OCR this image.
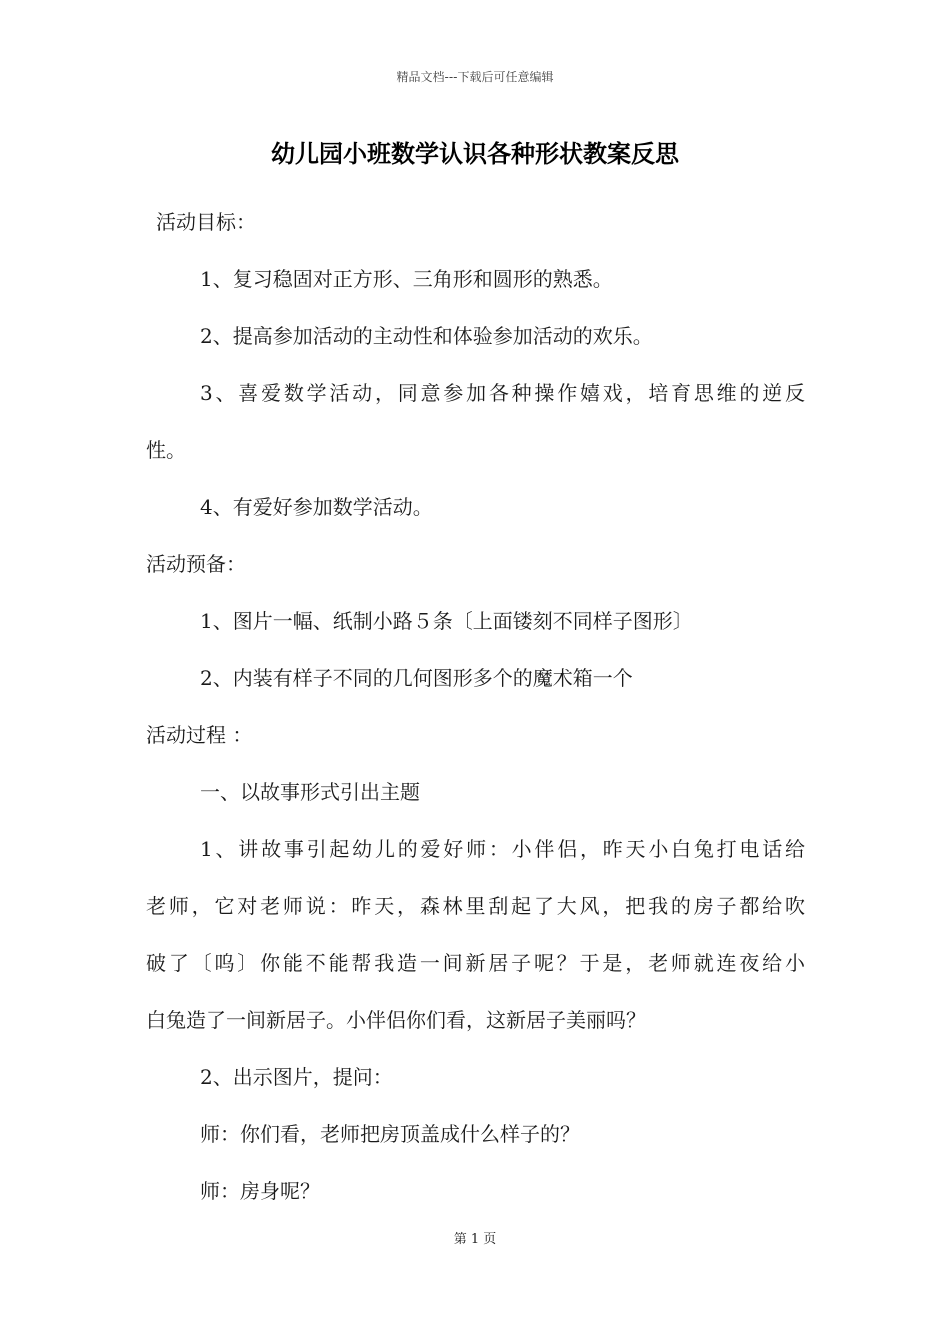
精品文档---下载后可任意编辑
幼儿园小班数学认识各种形状教案反思
活动目标：
1、复习稳固对正方形、三角形和圆形的熟悉。
2、提高参加活动的主动性和体验参加活动的欢乐。
3、喜爱数学活动，同意参加各种操作嬉戏，培育思维的逆反
性。
4、有爱好参加数学活动。
活动预备：
1、图片一幅、纸制小路５条〔上面镂刻不同样子图形〕
2、内装有样子不同的几何图形多个的魔术箱一个
活动过程 ：
一、以故事形式引出主题
1、讲故事引起幼儿的爱好师：小伴侣，昨天小白兔打电话给
老师，它对老师说：昨天，森林里刮起了大风，把我的房子都给吹
破了〔呜〕你能不能帮我造一间新居子呢？于是，老师就连夜给小
白兔造了一间新居子。小伴侣你们看，这新居子美丽吗？
2、出示图片，提问：
师：你们看，老师把房顶盖成什么样子的？
师：房身呢？
第 1 页
